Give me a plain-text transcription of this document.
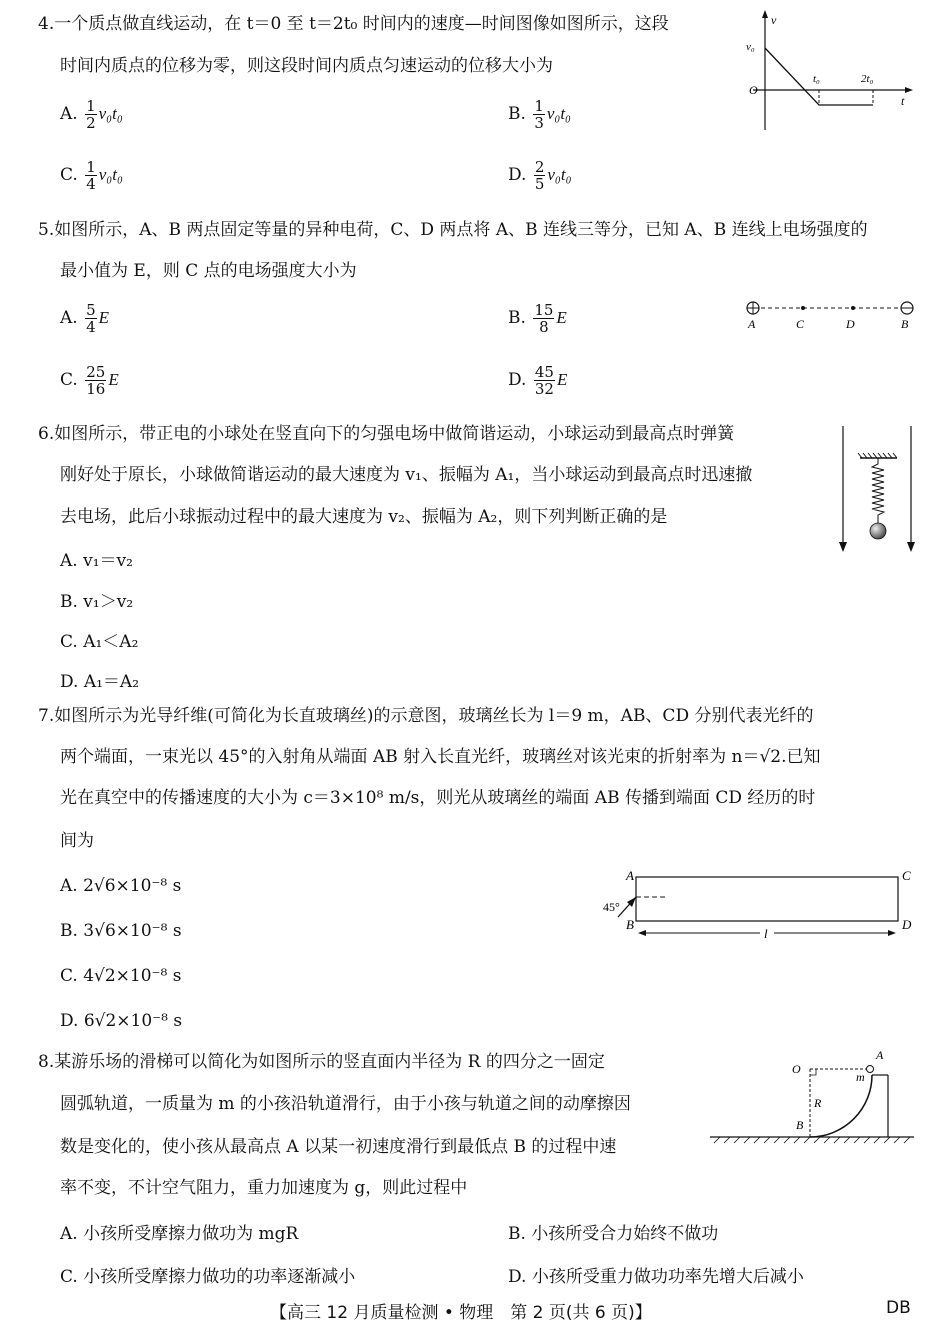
4.一个质点做直线运动，在 t＝0 至 t＝2t₀ 时间内的速度—时间图像如图所示，这段
时间内质点的位移为零，则这段时间内质点匀速运动的位移大小为
A. $\frac{1}{2} v_0t_0$	B. $\frac{1}{3} v_0t_0$
C. $\frac{1}{4} v_0t_0$	D. $\frac{2}{5} v_0t_0$
v
v₀
O
t₀	2t₀
t
5.如图所示，A、B 两点固定等量的异种电荷，C、D 两点将 A、B 连线三等分，已知 A、B 连线上电场强度的
最小值为 E，则 C 点的电场强度大小为
A. $\frac{5}{4}$ E	B. $\frac{15}{8}$ E
C. $\frac{25}{16}$ E	D. $\frac{45}{32}$ E
A	C	D	B
6.如图所示，带正电的小球处在竖直向下的匀强电场中做简谐运动，小球运动到最高点时弹簧
刚好处于原长，小球做简谐运动的最大速度为 v₁、振幅为 A₁，当小球运动到最高点时迅速撤
去电场，此后小球振动过程中的最大速度为 v₂、振幅为 A₂，则下列判断正确的是
A. v₁＝v₂
B. v₁＞v₂
C. A₁＜A₂
D. A₁＝A₂
7.如图所示为光导纤维(可简化为长直玻璃丝)的示意图，玻璃丝长为 l＝9 m，AB、CD 分别代表光纤的
两个端面，一束光以 45°的入射角从端面 AB 射入长直光纤，玻璃丝对该光束的折射率为 n＝√2.已知
光在真空中的传播速度的大小为 c＝3×10⁸ m/s，则光从玻璃丝的端面 AB 传播到端面 CD 经历的时
间为
A. 2√6×10⁻⁸ s
B. 3√6×10⁻⁸ s
C. 4√2×10⁻⁸ s
D. 6√2×10⁻⁸ s
45°
A
B
C
D
l
8.某游乐场的滑梯可以简化为如图所示的竖直面内半径为 R 的四分之一固定
圆弧轨道，一质量为 m 的小孩沿轨道滑行，由于小孩与轨道之间的动摩擦因
数是变化的，使小孩从最高点 A 以某一初速度滑行到最低点 B 的过程中速
率不变，不计空气阻力，重力加速度为 g，则此过程中
A. 小孩所受摩擦力做功为 mgR	B. 小孩所受合力始终不做功
C. 小孩所受摩擦力做功的功率逐渐减小	D. 小孩所受重力做功功率先增大后减小
O
A
m
R
B
【高三 12 月质量检测 • 物理　第 2 页(共 6 页)】	DB
